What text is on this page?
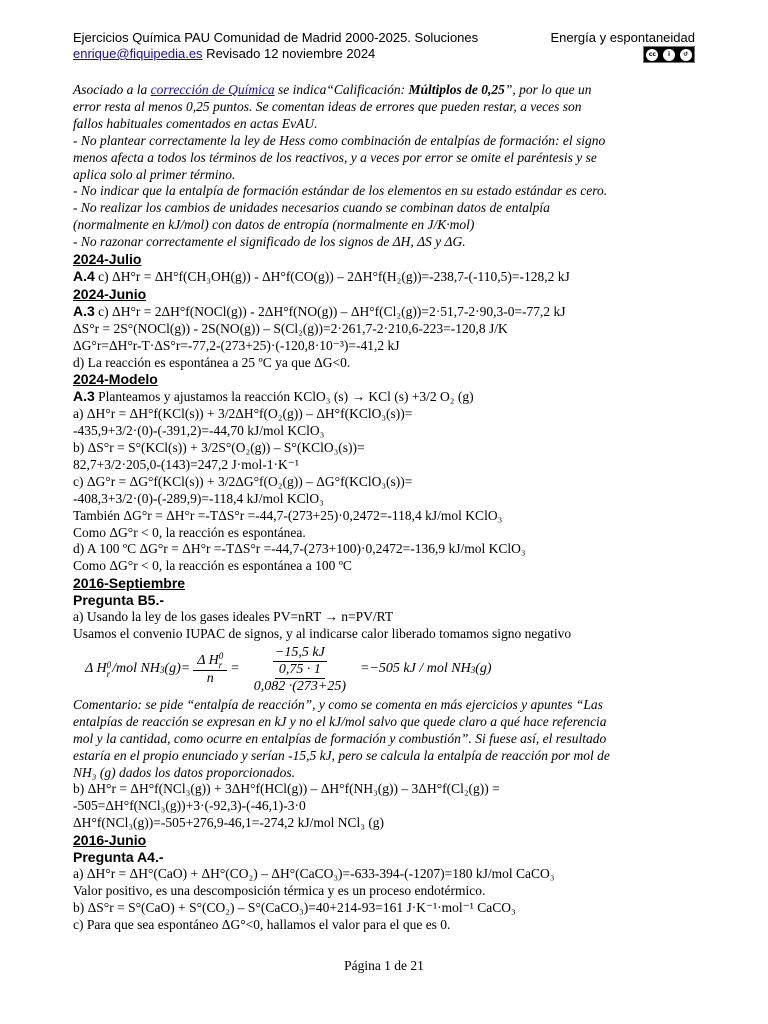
Ejercicios Química PAU Comunidad de Madrid 2000-2025. Soluciones	Energía y espontaneidad
enrique@fiquipedia.es Revisado 12 noviembre 2024	cc	i	↺
Asociado a la corrección de Química se indica“Calificación: Múltiplos de 0,25”, por lo que un
error resta al menos 0,25 puntos. Se comentan ideas de errores que pueden restar, a veces son
fallos habituales comentados en actas EvAU.
- No plantear correctamente la ley de Hess como combinación de entalpías de formación: el signo
menos afecta a todos los términos de los reactivos, y a veces por error se omite el paréntesis y se
aplica solo al primer término.
- No indicar que la entalpía de formación estándar de los elementos en su estado estándar es cero.
- No realizar los cambios de unidades necesarios cuando se combinan datos de entalpía
(normalmente en kJ/mol) con datos de entropía (normalmente en J/K·mol)
- No razonar correctamente el significado de los signos de ΔH, ΔS y ΔG.
2024-Julio
A.4 c) ΔH°r = ΔH°f(CH₃OH(g)) - ΔH°f(CO(g)) – 2ΔH°f(H₂(g))=-238,7-(-110,5)=-128,2 kJ
2024-Junio
A.3 c) ΔH°r = 2ΔH°f(NOCl(g)) - 2ΔH°f(NO(g)) – ΔH°f(Cl₂(g))=2·51,7-2·90,3-0=-77,2 kJ
ΔS°r = 2S°(NOCl(g)) - 2S(NO(g)) – S(Cl₂(g))=2·261,7-2·210,6-223=-120,8 J/K
ΔG°r=ΔH°r-T·ΔS°r=-77,2-(273+25)·(-120,8·10⁻³)=-41,2 kJ
d) La reacción es espontánea a 25 ºC ya que ΔG<0.
2024-Modelo
A.3 Planteamos y ajustamos la reacción KClO₃ (s) → KCl (s) +3/2 O₂ (g)
a) ΔH°r = ΔH°f(KCl(s)) + 3/2ΔH°f(O₂(g)) – ΔH°f(KClO₃(s))=
-435,9+3/2·(0)-(-391,2)=-44,70 kJ/mol KClO₃
b) ΔS°r = S°(KCl(s)) + 3/2S°(O₂(g)) – S°(KClO₃(s))=
82,7+3/2·205,0-(143)=247,2 J·mol-1·K⁻¹
c) ΔG°r = ΔG°f(KCl(s)) + 3/2ΔG°f(O₂(g)) – ΔG°f(KClO₃(s))=
-408,3+3/2·(0)-(-289,9)=-118,4 kJ/mol KClO₃
También ΔG°r = ΔH°r =-TΔS°r =-44,7-(273+25)·0,2472=-118,4 kJ/mol KClO₃
Como ΔG°r < 0, la reacción es espontánea.
d) A 100 ºC ΔG°r = ΔH°r =-TΔS°r =-44,7-(273+100)·0,2472=-136,9 kJ/mol KClO₃
Como ΔG°r < 0, la reacción es espontánea a 100 ºC
2016-Septiembre
Pregunta B5.-
a) Usando la ley de los gases ideales PV=nRT → n=PV/RT
Usamos el convenio IUPAC de signos, y al indicarse calor liberado tomamos signo negativo
Δ H 0
r /mol NH 3 (g)= Δ H 0
r
$n = \frac{-15,5 kJ}{\frac{0,75 \cdot 1}{0,082 \cdot(273+25)}} =-505$ kJ / mol NH 3 (g)
Comentario: se pide “entalpía de reacción”, y como se comenta en más ejercicios y apuntes “Las
entalpías de reacción se expresan en kJ y no el kJ/mol salvo que quede claro a qué hace referencia
mol y la cantidad, como ocurre en entalpías de formación y combustión”. Si fuese así, el resultado
estaría en el propio enunciado y serían -15,5 kJ, pero se calcula la entalpía de reacción por mol de
NH₃ (g) dados los datos proporcionados.
b) ΔH°r = ΔH°f(NCl₃(g)) + 3ΔH°f(HCl(g)) – ΔH°f(NH₃(g)) – 3ΔH°f(Cl₂(g)) =
-505=ΔH°f(NCl₃(g))+3·(-92,3)-(-46,1)-3·0
ΔH°f(NCl₃(g))=-505+276,9-46,1=-274,2 kJ/mol NCl₃ (g)
2016-Junio
Pregunta A4.-
a) ΔH°r = ΔH°(CaO) + ΔH°(CO₂) – ΔH°(CaCO₃)=-633-394-(-1207)=180 kJ/mol CaCO₃
Valor positivo, es una descomposición térmica y es un proceso endotérmico.
b) ΔS°r = S°(CaO) + S°(CO₂) – S°(CaCO₃)=40+214-93=161 J·K⁻¹·mol⁻¹ CaCO₃
c) Para que sea espontáneo ΔG°<0, hallamos el valor para el que es 0.
Página 1 de 21
